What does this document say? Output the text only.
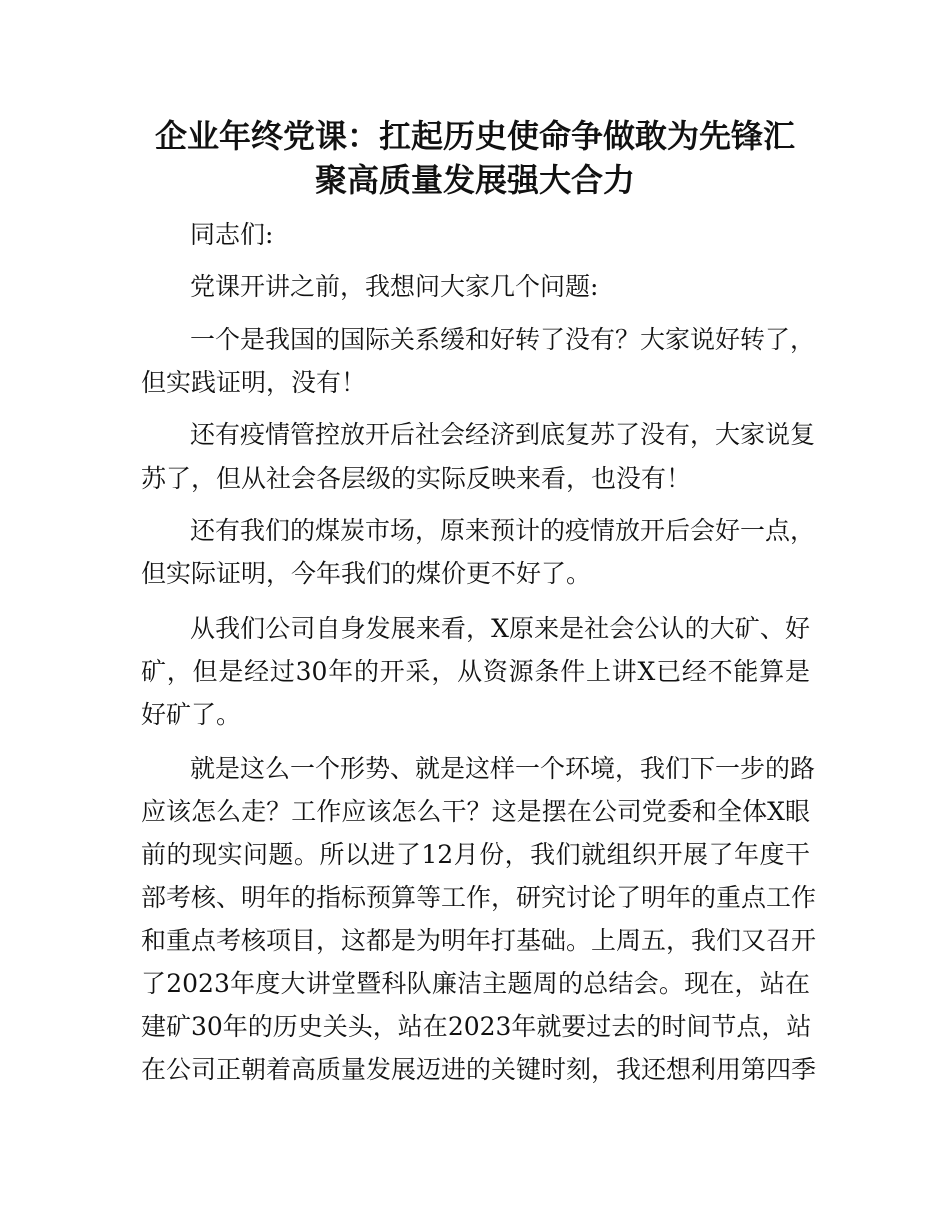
企业年终党课：扛起历史使命争做敢为先锋汇
聚高质量发展强大合力
同志们:
党课开讲之前，我想问大家几个问题:
一个是我国的国际关系缓和好转了没有？大家说好转了，
但实践证明，没有！
还有疫情管控放开后社会经济到底复苏了没有，大家说复
苏了，但从社会各层级的实际反映来看，也没有！
还有我们的煤炭市场，原来预计的疫情放开后会好一点，
但实际证明，今年我们的煤价更不好了。
从我们公司自身发展来看，X原来是社会公认的大矿、好
矿，但是经过30年的开采，从资源条件上讲X已经不能算是
好矿了。
就是这么一个形势、就是这样一个环境，我们下一步的路
应该怎么走？工作应该怎么干？这是摆在公司党委和全体X眼
前的现实问题。所以进了12月份，我们就组织开展了年度干
部考核、明年的指标预算等工作，研究讨论了明年的重点工作
和重点考核项目，这都是为明年打基础。上周五，我们又召开
了2023年度大讲堂暨科队廉洁主题周的总结会。现在，站在
建矿30年的历史关头，站在2023年就要过去的时间节点，站
在公司正朝着高质量发展迈进的关键时刻，我还想利用第四季
